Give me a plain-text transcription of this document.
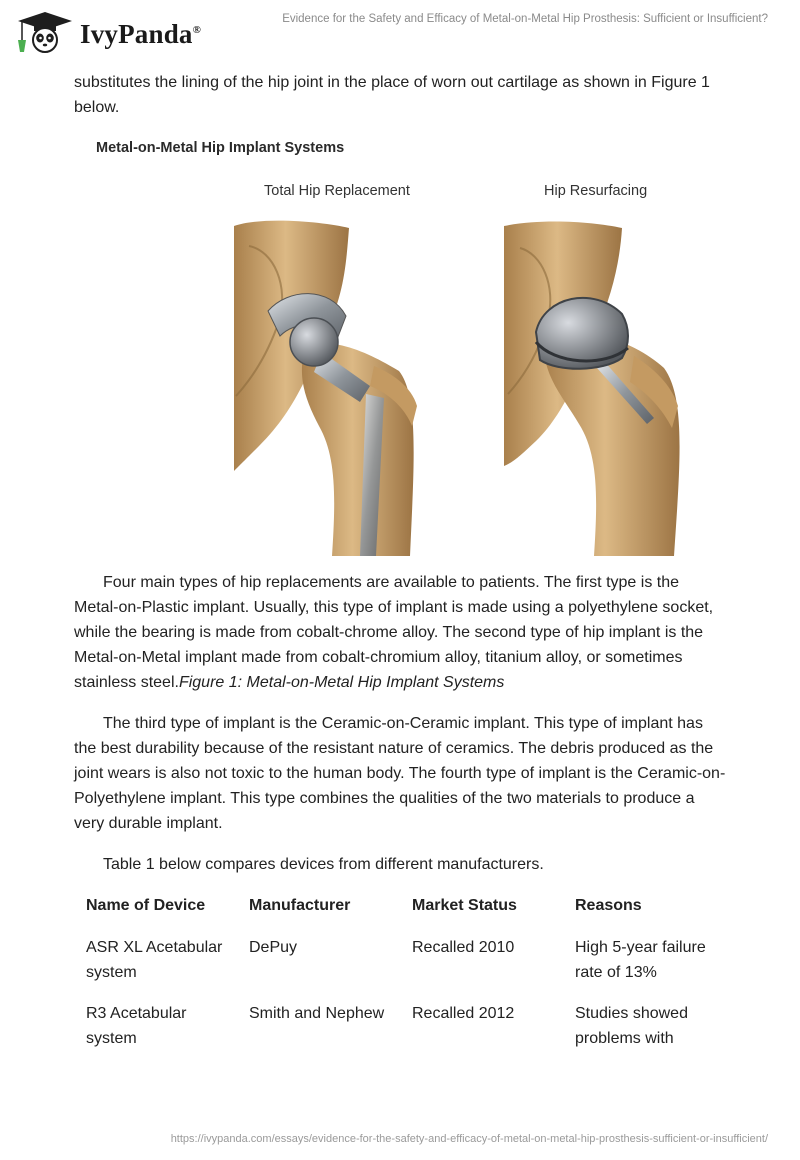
IvyPanda®
Evidence for the Safety and Efficacy of Metal-on-Metal Hip Prosthesis: Sufficient or Insufficient?

substitutes the lining of the hip joint in the place of worn out cartilage as shown in Figure 1 below.

Metal-on-Metal Hip Implant Systems
Total Hip Replacement	Hip Resurfacing

Four main types of hip replacements are available to patients. The first type is the Metal-on-Plastic implant. Usually, this type of implant is made using a polyethylene socket, while the bearing is made from cobalt-chrome alloy. The second type of hip implant is the Metal-on-Metal implant made from cobalt-chromium alloy, titanium alloy, or sometimes stainless steel.Figure 1: Metal-on-Metal Hip Implant Systems

The third type of implant is the Ceramic-on-Ceramic implant. This type of implant has the best durability because of the resistant nature of ceramics. The debris produced as the joint wears is also not toxic to the human body. The fourth type of implant is the Ceramic-on-Polyethylene implant. This type combines the qualities of the two materials to produce a very durable implant.

Table 1 below compares devices from different manufacturers.

Name of Device	Manufacturer	Market Status	Reasons
ASR XL Acetabular system	DePuy	Recalled 2010	High 5-year failure rate of 13%
R3 Acetabular system	Smith and Nephew	Recalled 2012	Studies showed problems with
https://ivypanda.com/essays/evidence-for-the-safety-and-efficacy-of-metal-on-metal-hip-prosthesis-sufficient-or-insufficient/
